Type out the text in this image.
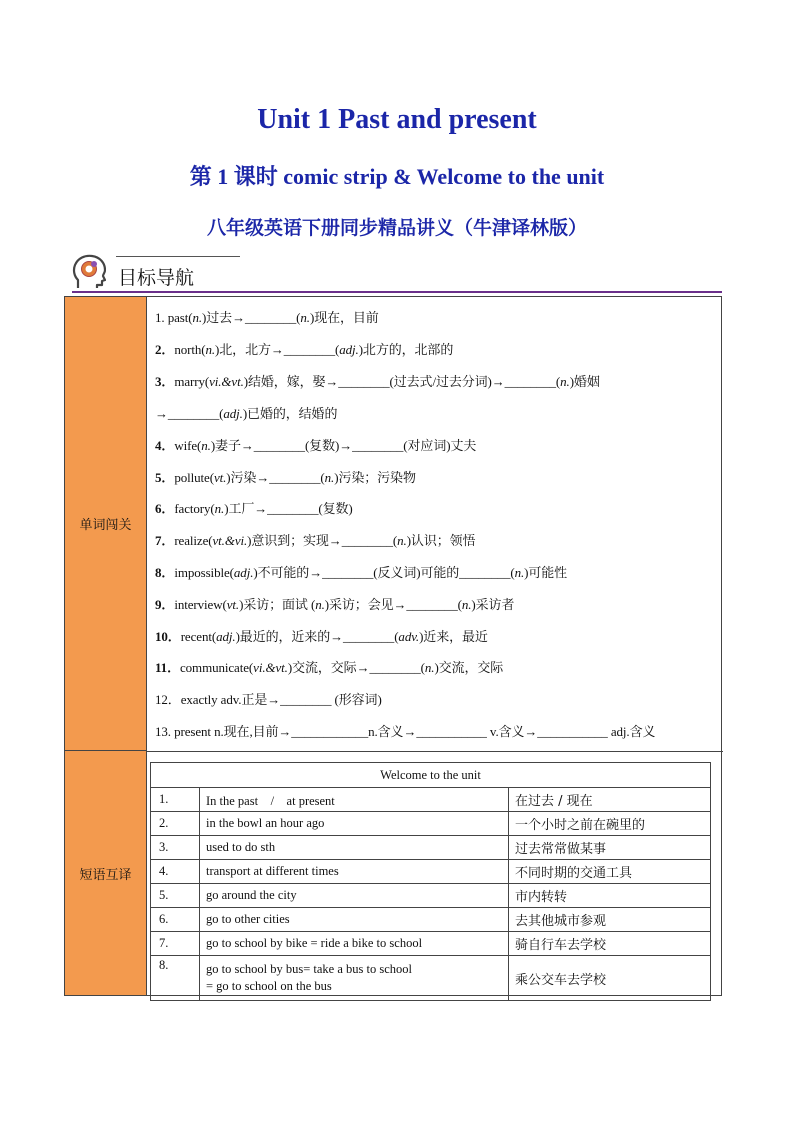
Unit 1 Past and present
第 1 课时 comic strip & Welcome to the unit
八年级英语下册同步精品讲义（牛津译林版）
目标导航
单词闯关
短语互译
1. past(n.)过去→________(n.)现在，目前
2．north(n.)北，北方→________(adj.)北方的，北部的
3．marry(vi.&vt.)结婚，嫁，娶→________(过去式/过去分词)→________(n.)婚姻
→________(adj.)已婚的，结婚的
4．wife(n.)妻子→________(复数)→________(对应词)丈夫
5．pollute(vt.)污染→________(n.)污染；污染物
6．factory(n.)工厂→________(复数)
7．realize(vt.&vi.)意识到；实现→________(n.)认识；领悟
8．impossible(adj.)不可能的→________(反义词)可能的________(n.)可能性
9．interview(vt.)采访；面试 (n.)采访；会见→________(n.)采访者
10．recent(adj.)最近的，近来的→________(adv.)近来，最近
11．communicate(vi.&vt.)交流，交际→________(n.)交流，交际
12．exactly adv.正是→________ (形容词)
13. present n.现在,目前→____________n.含义→___________ v.含义→___________ adj.含义
Welcome to the unit		
1.	In the past　/　at present	在过去 / 现在
2.	in the bowl an hour ago	一个小时之前在碗里的
3.	used to do sth	过去常常做某事
4.	transport at different times	不同时期的交通工具
5.	go around the city	市内转转
6.	go to other cities	去其他城市参观
7.	go to school by bike = ride a bike to school	骑自行车去学校
8.	go to school by bus= take a bus to school
= go to school on the bus	乘公交车去学校
